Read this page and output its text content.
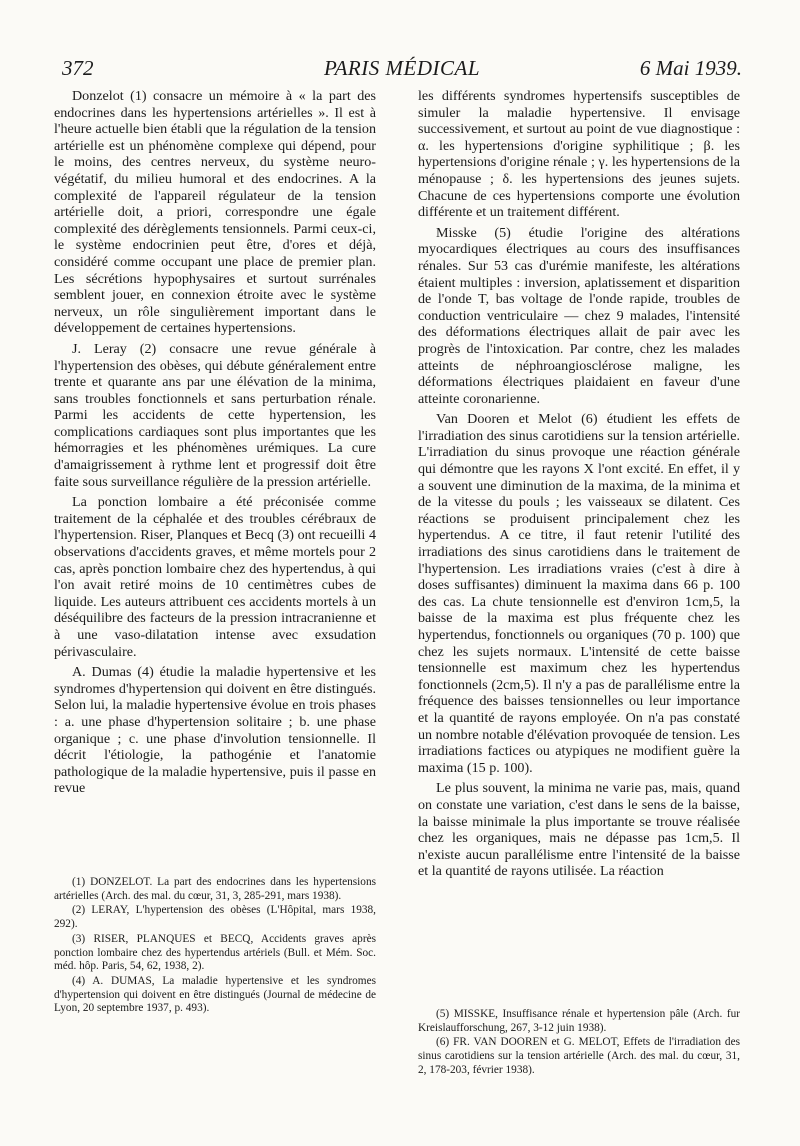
372	PARIS MÉDICAL	6 Mai 1939.

Donzelot (1) consacre un mémoire à « la part des endocrines dans les hypertensions artérielles ». Il est à l'heure actuelle bien établi que la régulation de la tension artérielle est un phénomène complexe qui dépend, pour le moins, des centres nerveux, du système neuro-végétatif, du milieu humoral et des endocrines. A la complexité de l'appareil régulateur de la tension artérielle doit, a priori, correspondre une égale complexité des dérèglements tensionnels. Parmi ceux-ci, le système endocrinien peut être, d'ores et déjà, considéré comme occupant une place de premier plan. Les sécrétions hypophysaires et surtout surrénales semblent jouer, en connexion étroite avec le système nerveux, un rôle singulièrement important dans le développement de certaines hypertensions.

J. Leray (2) consacre une revue générale à l'hypertension des obèses, qui débute généralement entre trente et quarante ans par une élévation de la minima, sans troubles fonctionnels et sans perturbation rénale. Parmi les accidents de cette hypertension, les complications cardiaques sont plus importantes que les hémorragies et les phénomènes urémiques. La cure d'amaigrissement à rythme lent et progressif doit être faite sous surveillance régulière de la pression artérielle.

La ponction lombaire a été préconisée comme traitement de la céphalée et des troubles cérébraux de l'hypertension. Riser, Planques et Becq (3) ont recueilli 4 observations d'accidents graves, et même mortels pour 2 cas, après ponction lombaire chez des hypertendus, à qui l'on avait retiré moins de 10 centimètres cubes de liquide. Les auteurs attribuent ces accidents mortels à un déséquilibre des facteurs de la pression intracranienne et à une vaso-dilatation intense avec exsudation périvasculaire.

A. Dumas (4) étudie la maladie hypertensive et les syndromes d'hypertension qui doivent en être distingués. Selon lui, la maladie hypertensive évolue en trois phases : a. une phase d'hypertension solitaire ; b. une phase organique ; c. une phase d'involution tensionnelle. Il décrit l'étiologie, la pathogénie et l'anatomie pathologique de la maladie hypertensive, puis il passe en revue

les différents syndromes hypertensifs susceptibles de simuler la maladie hypertensive. Il envisage successivement, et surtout au point de vue diagnostique : α. les hypertensions d'origine syphilitique ; β. les hypertensions d'origine rénale ; γ. les hypertensions de la ménopause ; δ. les hypertensions des jeunes sujets. Chacune de ces hypertensions comporte une évolution différente et un traitement différent.

Misske (5) étudie l'origine des altérations myocardiques électriques au cours des insuffisances rénales. Sur 53 cas d'urémie manifeste, les altérations étaient multiples : inversion, aplatissement et disparition de l'onde T, bas voltage de l'onde rapide, troubles de conduction ventriculaire — chez 9 malades, l'intensité des déformations électriques allait de pair avec les progrès de l'intoxication. Par contre, chez les malades atteints de néphroangiosclérose maligne, les déformations électriques plaidaient en faveur d'une atteinte coronarienne.

Van Dooren et Melot (6) étudient les effets de l'irradiation des sinus carotidiens sur la tension artérielle. L'irradiation du sinus provoque une réaction générale qui démontre que les rayons X l'ont excité. En effet, il y a souvent une diminution de la maxima, de la minima et de la vitesse du pouls ; les vaisseaux se dilatent. Ces réactions se produisent principalement chez les hypertendus. A ce titre, il faut retenir l'utilité des irradiations des sinus carotidiens dans le traitement de l'hypertension. Les irradiations vraies (c'est à dire à doses suffisantes) diminuent la maxima dans 66 p. 100 des cas. La chute tensionnelle est d'environ 1cm,5, la baisse de la maxima est plus fréquente chez les hypertendus, fonctionnels ou organiques (70 p. 100) que chez les sujets normaux. L'intensité de cette baisse tensionnelle est maximum chez les hypertendus fonctionnels (2cm,5). Il n'y a pas de parallélisme entre la fréquence des baisses tensionnelles ou leur importance et la quantité de rayons employée. On n'a pas constaté un nombre notable d'élévation provoquée de tension. Les irradiations factices ou atypiques ne modifient guère la maxima (15 p. 100).

Le plus souvent, la minima ne varie pas, mais, quand on constate une variation, c'est dans le sens de la baisse, la baisse minimale la plus importante se trouve réalisée chez les organiques, mais ne dépasse pas 1cm,5. Il n'existe aucun parallélisme entre l'intensité de la baisse et la quantité de rayons utilisée. La réaction

(1) DONZELOT. La part des endocrines dans les hypertensions artérielles (Arch. des mal. du cœur, 31, 3, 285-291, mars 1938).

(2) LERAY, L'hypertension des obèses (L'Hôpital, mars 1938, 292).

(3) RISER, PLANQUES et BECQ, Accidents graves après ponction lombaire chez des hypertendus artériels (Bull. et Mém. Soc. méd. hôp. Paris, 54, 62, 1938, 2).

(4) A. DUMAS, La maladie hypertensive et les syndromes d'hypertension qui doivent en être distingués (Journal de médecine de Lyon, 20 septembre 1937, p. 493).	(5) MISSKE, Insuffisance rénale et hypertension pâle (Arch. fur Kreislaufforschung, 267, 3-12 juin 1938).

(6) FR. VAN DOOREN et G. MELOT, Effets de l'irradiation des sinus carotidiens sur la tension artérielle (Arch. des mal. du cœur, 31, 2, 178-203, février 1938).
